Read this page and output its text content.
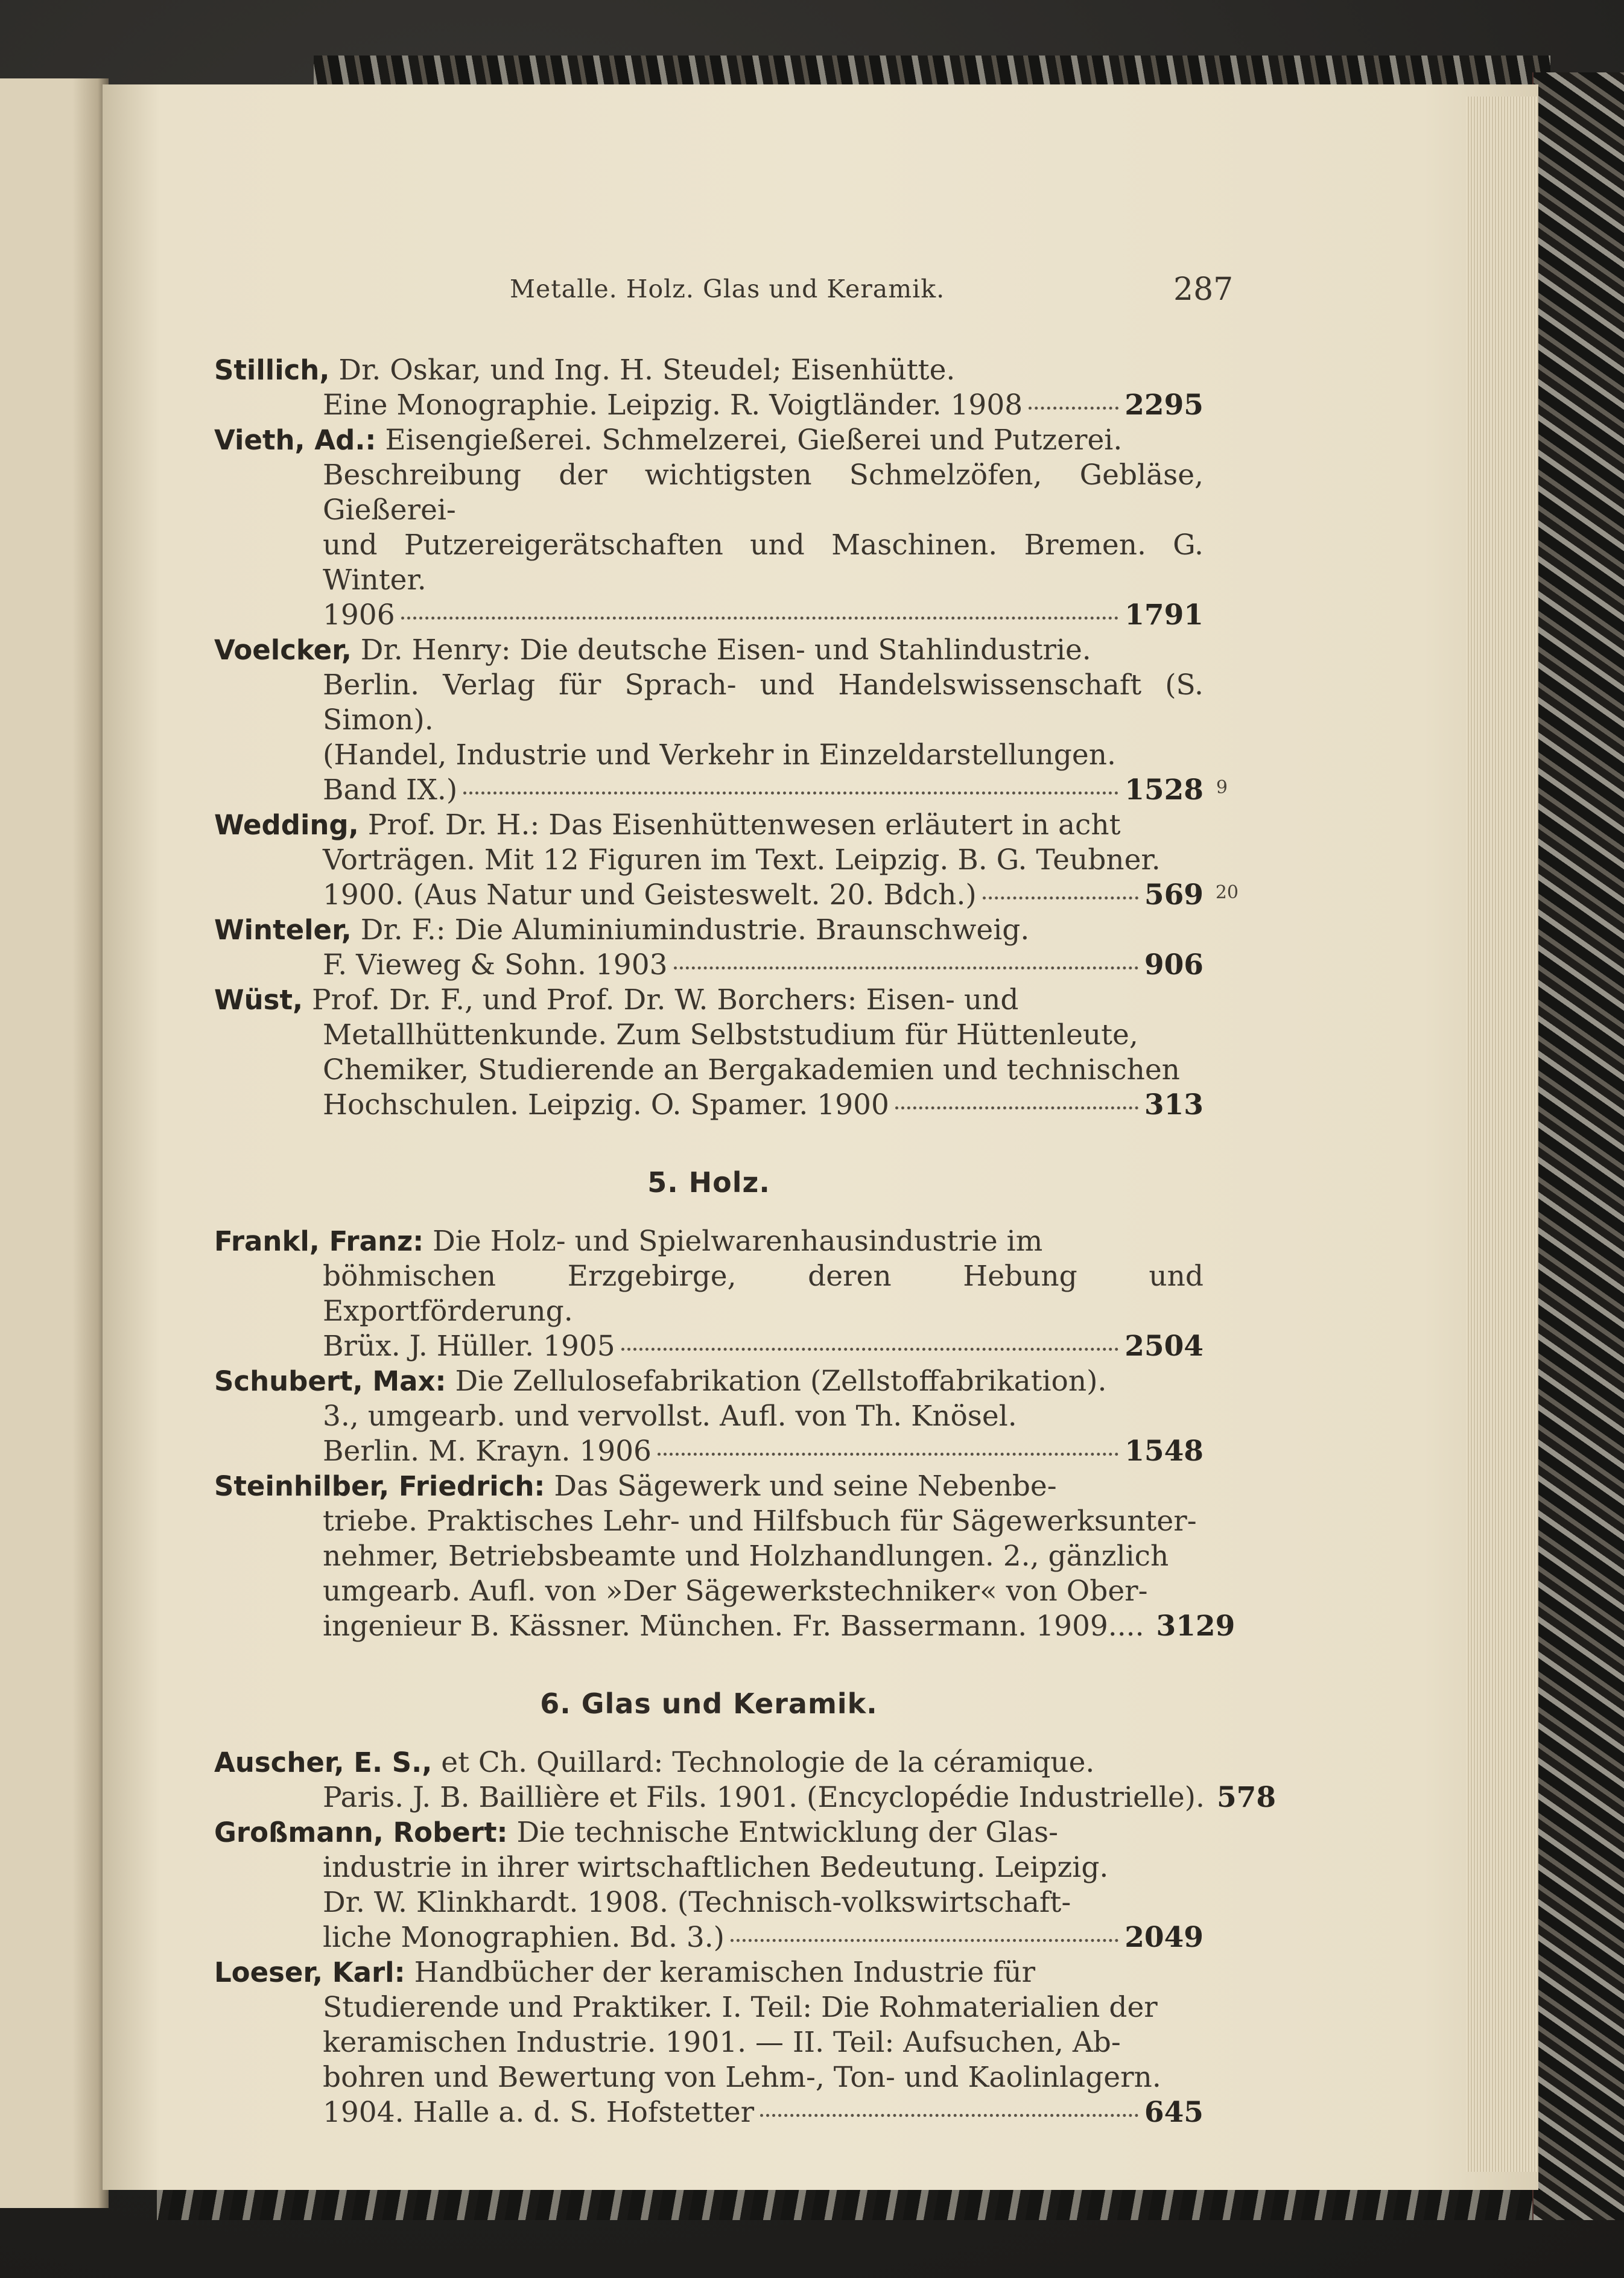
Metalle. Holz. Glas und Keramik.	287
Stillich, Dr. Oskar, und Ing. H. Steudel; Eisenhütte.
Eine Monographie. Leipzig. R. Voigtländer. 1908	2295
Vieth, Ad.: Eisengießerei. Schmelzerei, Gießerei und Putzerei.
Beschreibung der wichtigsten Schmelzöfen, Gebläse, Gießerei-
und Putzereigerätschaften und Maschinen. Bremen. G. Winter.
1906	1791
Voelcker, Dr. Henry: Die deutsche Eisen- und Stahlindustrie.
Berlin. Verlag für Sprach- und Handelswissenschaft (S. Simon).
(Handel, Industrie und Verkehr in Einzeldarstellungen.
Band IX.)	1528 9
Wedding, Prof. Dr. H.: Das Eisenhüttenwesen erläutert in acht
Vorträgen. Mit 12 Figuren im Text. Leipzig. B. G. Teubner.
1900. (Aus Natur und Geisteswelt. 20. Bdch.)	569 20
Winteler, Dr. F.: Die Aluminiumindustrie. Braunschweig.
F. Vieweg & Sohn. 1903	906
Wüst, Prof. Dr. F., und Prof. Dr. W. Borchers: Eisen- und
Metallhüttenkunde. Zum Selbststudium für Hüttenleute,
Chemiker, Studierende an Bergakademien und technischen
Hochschulen. Leipzig. O. Spamer. 1900	313
5. Holz.
Frankl, Franz: Die Holz- und Spielwarenhausindustrie im
böhmischen Erzgebirge, deren Hebung und Exportförderung.
Brüx. J. Hüller. 1905	2504
Schubert, Max: Die Zellulosefabrikation (Zellstoffabrikation).
3., umgearb. und vervollst. Aufl. von Th. Knösel.
Berlin. M. Krayn. 1906	1548
Steinhilber, Friedrich: Das Sägewerk und seine Nebenbe-
triebe. Praktisches Lehr- und Hilfsbuch für Sägewerksunter-
nehmer, Betriebsbeamte und Holzhandlungen. 2., gänzlich
umgearb. Aufl. von »Der Sägewerkstechniker« von Ober-
ingenieur B. Kässner. München. Fr. Bassermann. 1909.... 3129
6. Glas und Keramik.
Auscher, E. S., et Ch. Quillard: Technologie de la céramique.
Paris. J. B. Baillière et Fils. 1901. (Encyclopédie Industrielle). 578
Großmann, Robert: Die technische Entwicklung der Glas-
industrie in ihrer wirtschaftlichen Bedeutung. Leipzig.
Dr. W. Klinkhardt. 1908. (Technisch-volkswirtschaft-
liche Monographien. Bd. 3.)	2049
Loeser, Karl: Handbücher der keramischen Industrie für
Studierende und Praktiker. I. Teil: Die Rohmaterialien der
keramischen Industrie. 1901. — II. Teil: Aufsuchen, Ab-
bohren und Bewertung von Lehm-, Ton- und Kaolinlagern.
1904. Halle a. d. S. Hofstetter	645
